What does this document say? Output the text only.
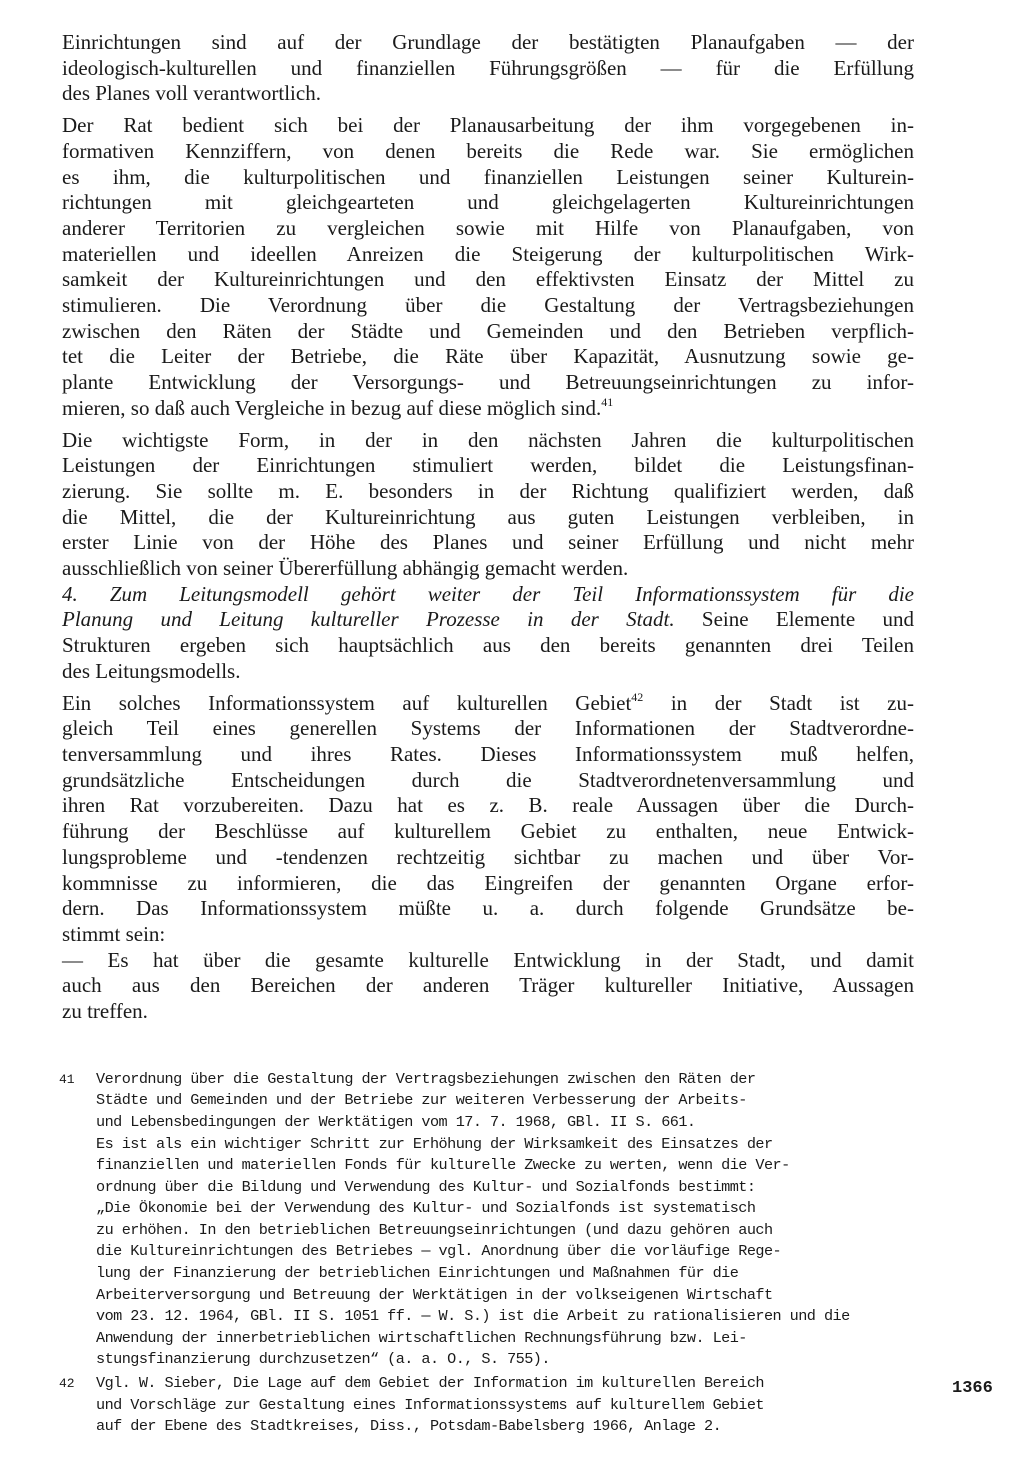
Einrichtungen sind auf der Grundlage der bestätigten Planaufgaben — der
ideologisch-kulturellen und finanziellen Führungsgrößen — für die Erfüllung
des Planes voll verantwortlich.

Der Rat bedient sich bei der Planausarbeitung der ihm vorgegebenen in-
formativen Kennziffern, von denen bereits die Rede war. Sie ermöglichen
es ihm, die kulturpolitischen und finanziellen Leistungen seiner Kulturein-
richtungen mit gleichgearteten und gleichgelagerten Kultureinrichtungen
anderer Territorien zu vergleichen sowie mit Hilfe von Planaufgaben, von
materiellen und ideellen Anreizen die Steigerung der kulturpolitischen Wirk-
samkeit der Kultureinrichtungen und den effektivsten Einsatz der Mittel zu
stimulieren. Die Verordnung über die Gestaltung der Vertragsbeziehungen
zwischen den Räten der Städte und Gemeinden und den Betrieben verpflich-
tet die Leiter der Betriebe, die Räte über Kapazität, Ausnutzung sowie ge-
plante Entwicklung der Versorgungs- und Betreuungseinrichtungen zu infor-
mieren, so daß auch Vergleiche in bezug auf diese möglich sind.$^{41}$

Die wichtigste Form, in der in den nächsten Jahren die kulturpolitischen
Leistungen der Einrichtungen stimuliert werden, bildet die Leistungsfinan-
zierung. Sie sollte m. E. besonders in der Richtung qualifiziert werden, daß
die Mittel, die der Kultureinrichtung aus guten Leistungen verbleiben, in
erster Linie von der Höhe des Planes und seiner Erfüllung und nicht mehr
ausschließlich von seiner Übererfüllung abhängig gemacht werden.

4. Zum Leitungsmodell gehört weiter der Teil Informationssystem für die
Planung und Leitung kultureller Prozesse in der Stadt. Seine Elemente und
Strukturen ergeben sich hauptsächlich aus den bereits genannten drei Teilen
des Leitungsmodells.

Ein solches Informationssystem auf kulturellen Gebiet$^{42}$ in der Stadt ist zu-
gleich Teil eines generellen Systems der Informationen der Stadtverordne-
tenversammlung und ihres Rates. Dieses Informationssystem muß helfen,
grundsätzliche Entscheidungen durch die Stadtverordnetenversammlung und
ihren Rat vorzubereiten. Dazu hat es z. B. reale Aussagen über die Durch-
führung der Beschlüsse auf kulturellem Gebiet zu enthalten, neue Entwick-
lungsprobleme und -tendenzen rechtzeitig sichtbar zu machen und über Vor-
kommnisse zu informieren, die das Eingreifen der genannten Organe erfor-
dern. Das Informationssystem müßte u. a. durch folgende Grundsätze be-
stimmt sein:

— Es hat über die gesamte kulturelle Entwicklung in der Stadt, und damit
auch aus den Bereichen der anderen Träger kultureller Initiative, Aussagen
zu treffen.

41 Verordnung über die Gestaltung der Vertragsbeziehungen zwischen den Räten der
Städte und Gemeinden und der Betriebe zur weiteren Verbesserung der Arbeits-
und Lebensbedingungen der Werktätigen vom 17. 7. 1968, GBl. II S. 661.
Es ist als ein wichtiger Schritt zur Erhöhung der Wirksamkeit des Einsatzes der
finanziellen und materiellen Fonds für kulturelle Zwecke zu werten, wenn die Ver-
ordnung über die Bildung und Verwendung des Kultur- und Sozialfonds bestimmt:
„Die Ökonomie bei der Verwendung des Kultur- und Sozialfonds ist systematisch
zu erhöhen. In den betrieblichen Betreuungseinrichtungen (und dazu gehören auch
die Kultureinrichtungen des Betriebes — vgl. Anordnung über die vorläufige Rege-
lung der Finanzierung der betrieblichen Einrichtungen und Maßnahmen für die
Arbeiterversorgung und Betreuung der Werktätigen in der volkseigenen Wirtschaft
vom 23. 12. 1964, GBl. II S. 1051 ff. — W. S.) ist die Arbeit zu rationalisieren und die
Anwendung der innerbetrieblichen wirtschaftlichen Rechnungsführung bzw. Lei-
stungsfinanzierung durchzusetzen“ (a. a. O., S. 755).
42 Vgl. W. Sieber, Die Lage auf dem Gebiet der Information im kulturellen Bereich
und Vorschläge zur Gestaltung eines Informationssystems auf kulturellem Gebiet
auf der Ebene des Stadtkreises, Diss., Potsdam-Babelsberg 1966, Anlage 2.
1366
